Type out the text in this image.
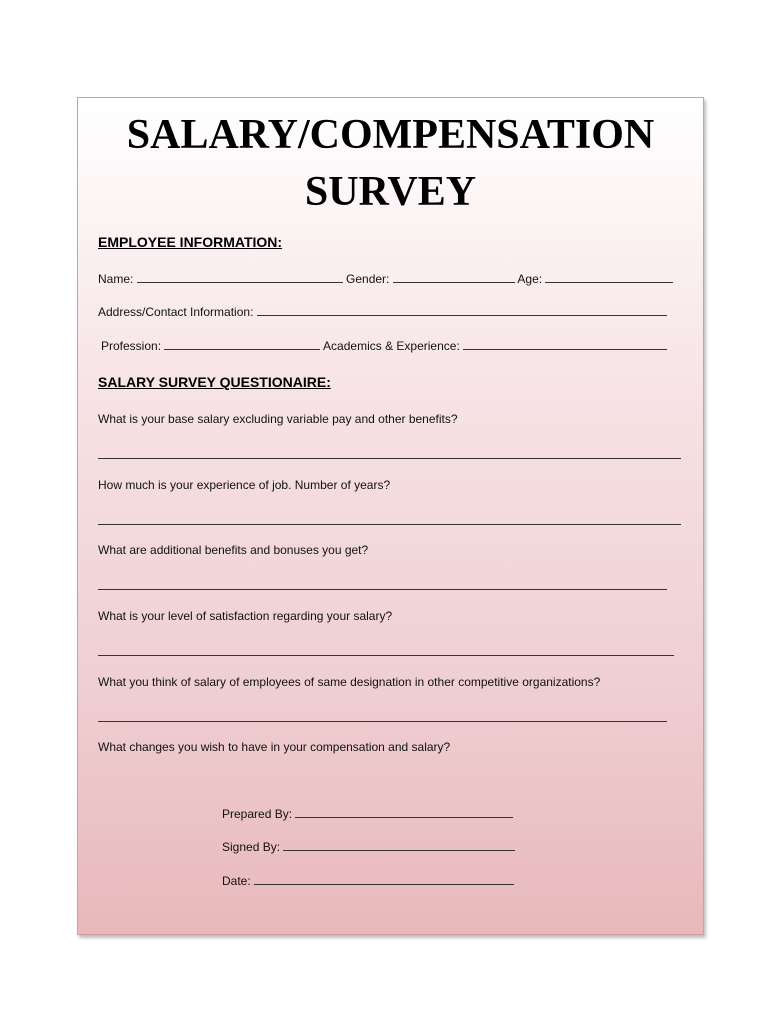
SALARY/COMPENSATION
SURVEY
EMPLOYEE INFORMATION:
Name:	Gender:	Age:
Address/Contact Information:
Profession:	Academics & Experience:
SALARY SURVEY QUESTIONAIRE:
What is your base salary excluding variable pay and other benefits?
How much is your experience of job. Number of years?
What are additional benefits and bonuses you get?
What is your level of satisfaction regarding your salary?
What you think of salary of employees of same designation in other competitive organizations?
What changes you wish to have in your compensation and salary?
Prepared By:
Signed By:
Date:
